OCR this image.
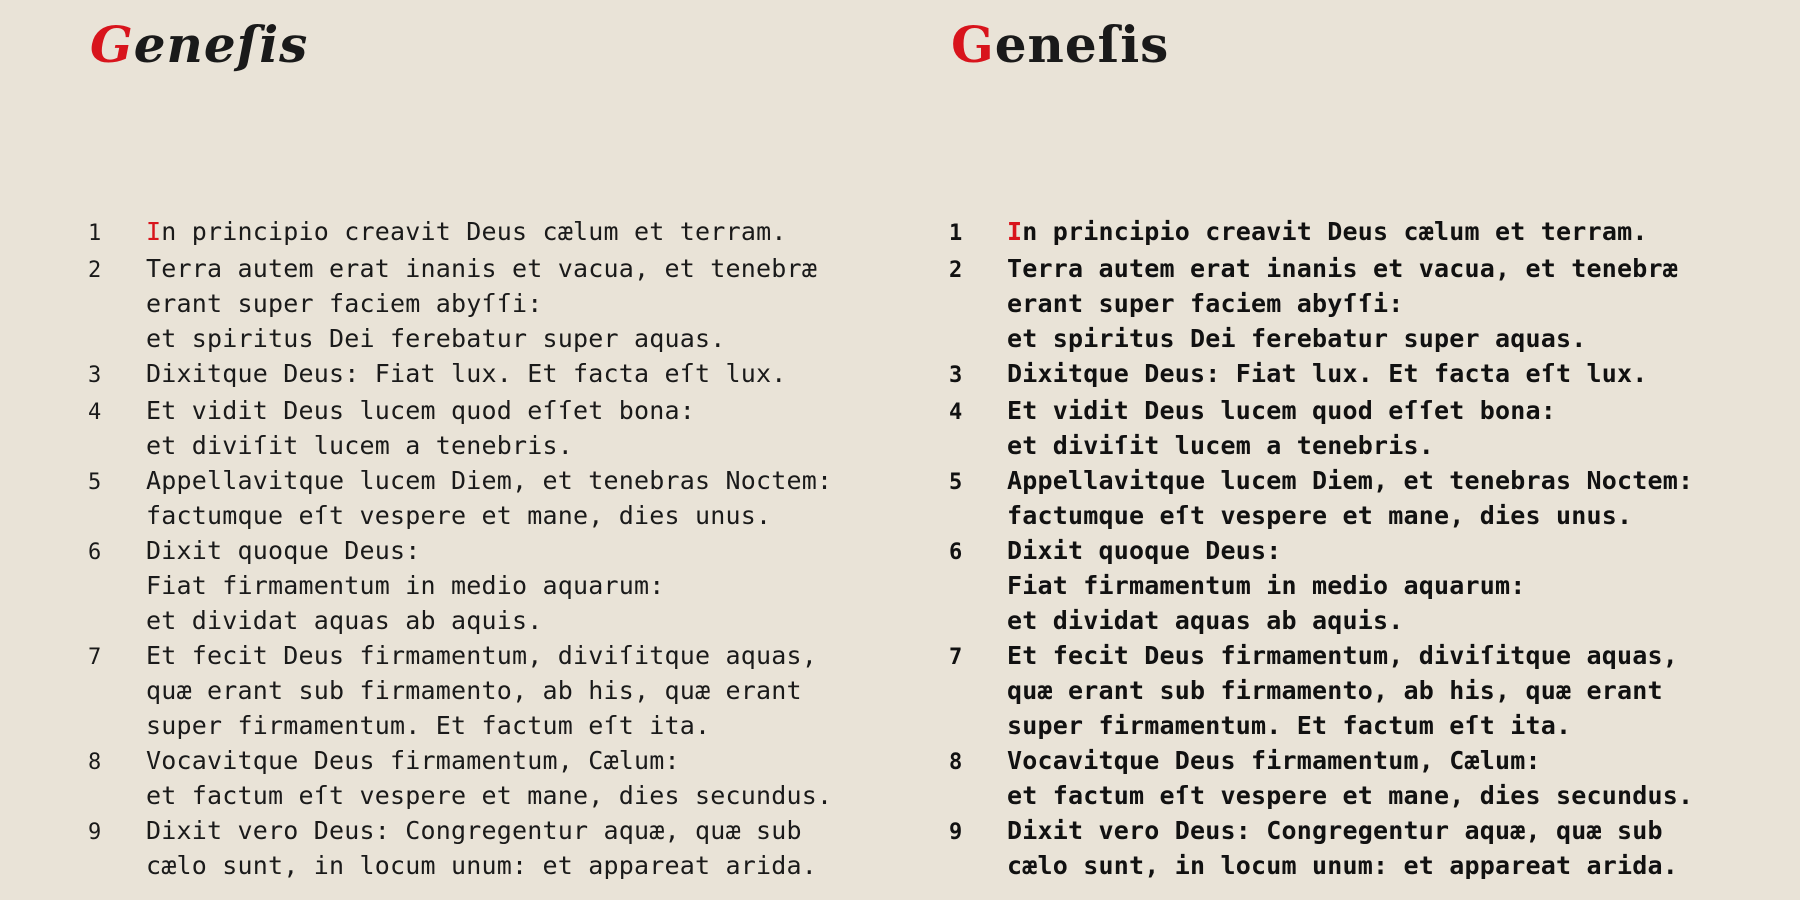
Geneſis
1	In principio creavit Deus cælum et terram.
2	Terra autem erat inanis et vacua, et tenebræ
erant super faciem abyſſi:
et spiritus Dei ferebatur super aquas.
3	Dixitque Deus: Fiat lux. Et facta eſt lux.
4	Et vidit Deus lucem quod eſſet bona:
et diviſit lucem a tenebris.
5	Appellavitque lucem Diem, et tenebras Noctem:
factumque eſt vespere et mane, dies unus.
6	Dixit quoque Deus:
Fiat firmamentum in medio aquarum:
et dividat aquas ab aquis.
7	Et fecit Deus firmamentum, diviſitque aquas,
quæ erant sub firmamento, ab his, quæ erant
super firmamentum. Et factum eſt ita.
8	Vocavitque Deus firmamentum, Cælum:
et factum eſt vespere et mane, dies secundus.
9	Dixit vero Deus: Congregentur aquæ, quæ sub
cælo sunt, in locum unum: et appareat arida.
Geneſis
1	In principio creavit Deus cælum et terram.
2	Terra autem erat inanis et vacua, et tenebræ
erant super faciem abyſſi:
et spiritus Dei ferebatur super aquas.
3	Dixitque Deus: Fiat lux. Et facta eſt lux.
4	Et vidit Deus lucem quod eſſet bona:
et diviſit lucem a tenebris.
5	Appellavitque lucem Diem, et tenebras Noctem:
factumque eſt vespere et mane, dies unus.
6	Dixit quoque Deus:
Fiat firmamentum in medio aquarum:
et dividat aquas ab aquis.
7	Et fecit Deus firmamentum, diviſitque aquas,
quæ erant sub firmamento, ab his, quæ erant
super firmamentum. Et factum eſt ita.
8	Vocavitque Deus firmamentum, Cælum:
et factum eſt vespere et mane, dies secundus.
9	Dixit vero Deus: Congregentur aquæ, quæ sub
cælo sunt, in locum unum: et appareat arida.
